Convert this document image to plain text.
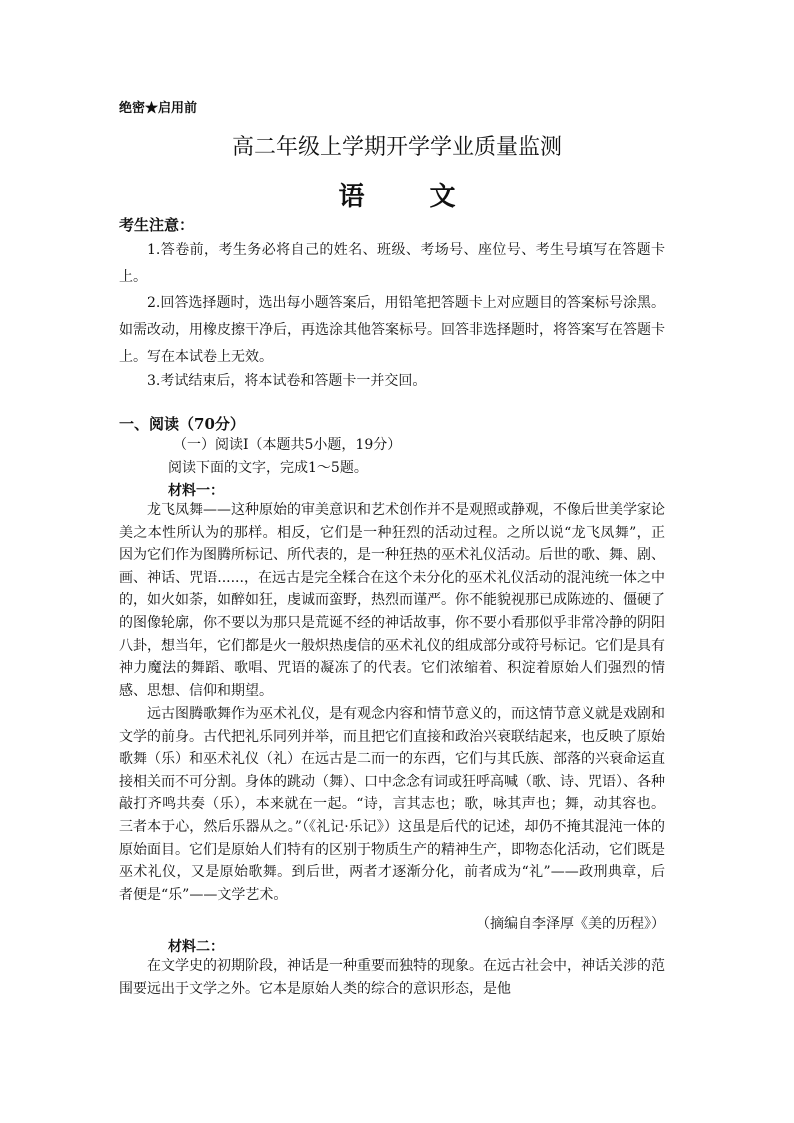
绝密★启用前
高二年级上学期开学学业质量监测
语 文
考生注意：
1.答卷前，考生务必将自己的姓名、班级、考场号、座位号、考生号填写在答题卡上。
2.回答选择题时，选出每小题答案后，用铅笔把答题卡上对应题目的答案标号涂黑。如需改动，用橡皮擦干净后，再选涂其他答案标号。回答非选择题时，将答案写在答题卡上。写在本试卷上无效。
3.考试结束后，将本试卷和答题卡一并交回。
一、阅读（70分）
（一）阅读Ⅰ（本题共5小题，19分）
阅读下面的文字，完成1～5题。
材料一：
龙飞凤舞——这种原始的审美意识和艺术创作并不是观照或静观，不像后世美学家论美之本性所认为的那样。相反，它们是一种狂烈的活动过程。之所以说“龙飞凤舞”，正因为它们作为图腾所标记、所代表的，是一种狂热的巫术礼仪活动。后世的歌、舞、剧、画、神话、咒语......，在远古是完全糅合在这个未分化的巫术礼仪活动的混沌统一体之中的，如火如荼，如醉如狂，虔诚而蛮野，热烈而谨严。你不能貌视那已成陈迹的、僵硬了的图像轮廓，你不要以为那只是荒诞不经的神话故事，你不要小看那似乎非常冷静的阴阳八卦，想当年，它们都是火一般炽热虔信的巫术礼仪的组成部分或符号标记。它们是具有神力魔法的舞蹈、歌唱、咒语的凝冻了的代表。它们浓缩着、积淀着原始人们强烈的情感、思想、信仰和期望。
远古图腾歌舞作为巫术礼仪，是有观念内容和情节意义的，而这情节意义就是戏剧和文学的前身。古代把礼乐同列并举，而且把它们直接和政治兴衰联结起来，也反映了原始歌舞（乐）和巫术礼仪（礼）在远古是二而一的东西，它们与其氏族、部落的兴衰命运直接相关而不可分割。身体的跳动（舞）、口中念念有词或狂呼高喊（歌、诗、咒语）、各种敲打齐鸣共奏（乐），本来就在一起。“诗，言其志也；歌，咏其声也；舞，动其容也。三者本于心，然后乐器从之。”（《礼记·乐记》）这虽是后代的记述，却仍不掩其混沌一体的原始面目。它们是原始人们特有的区别于物质生产的精神生产，即物态化活动，它们既是巫术礼仪，又是原始歌舞。到后世，两者才逐渐分化，前者成为“礼”——政刑典章，后者便是“乐”——文学艺术。
（摘编自李泽厚《美的历程》）
材料二：
在文学史的初期阶段，神话是一种重要而独特的现象。在远古社会中，神话关涉的范围要远出于文学之外。它本是原始人类的综合的意识形态，是他
